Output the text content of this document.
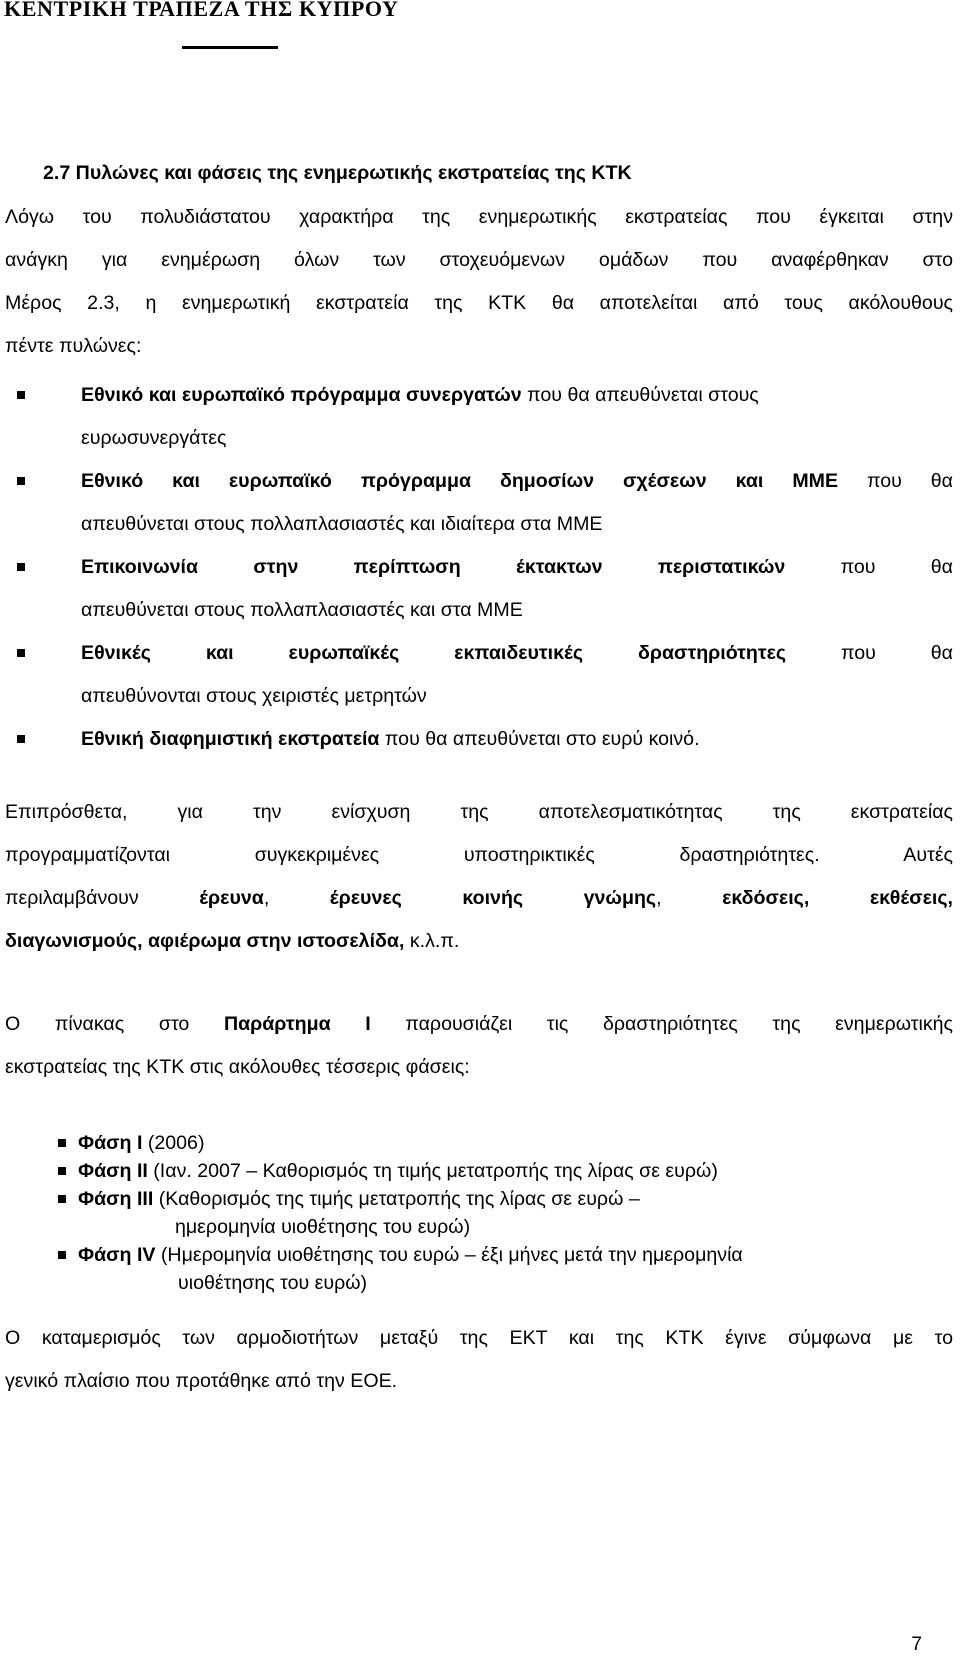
ΚΕΝΤΡΙΚΗ ΤΡΑΠΕΖΑ ΤΗΣ ΚΥΠΡΟΥ
2.7 Πυλώνες και φάσεις της ενημερωτικής εκστρατείας της ΚΤΚ
Λόγω του πολυδιάστατου χαρακτήρα της ενημερωτικής εκστρατείας που έγκειται στην
ανάγκη για ενημέρωση όλων των στοχευόμενων ομάδων που αναφέρθηκαν στο
Μέρος 2.3, η ενημερωτική εκστρατεία της ΚΤΚ θα αποτελείται από τους ακόλουθους
πέντε πυλώνες:
Εθνικό και ευρωπαϊκό πρόγραμμα συνεργατών που θα απευθύνεται στους
ευρωσυνεργάτες
Εθνικό και ευρωπαϊκό πρόγραμμα δημοσίων σχέσεων και ΜΜΕ που θα
απευθύνεται στους πολλαπλασιαστές και ιδιαίτερα στα ΜΜΕ
Επικοινωνία στην περίπτωση έκτακτων περιστατικών που θα
απευθύνεται στους πολλαπλασιαστές και στα ΜΜΕ
Εθνικές και ευρωπαϊκές εκπαιδευτικές δραστηριότητες που θα
απευθύνονται στους χειριστές μετρητών
Εθνική διαφημιστική εκστρατεία που θα απευθύνεται στο ευρύ κοινό.
Επιπρόσθετα, για την ενίσχυση της αποτελεσματικότητας της εκστρατείας
προγραμματίζονται συγκεκριμένες υποστηρικτικές δραστηριότητες. Αυτές
περιλαμβάνουν έρευνα, έρευνες κοινής γνώμης, εκδόσεις, εκθέσεις,
διαγωνισμούς, αφιέρωμα στην ιστοσελίδα, κ.λ.π.
Ο πίνακας στο Παράρτημα Ι παρουσιάζει τις δραστηριότητες της ενημερωτικής
εκστρατείας της ΚΤΚ στις ακόλουθες τέσσερις φάσεις:
Φάση Ι (2006)
Φάση ΙΙ (Ιαν. 2007 – Καθορισμός τη τιμής μετατροπής της λίρας σε ευρώ)
Φάση ΙΙΙ (Καθορισμός της τιμής μετατροπής της λίρας σε ευρώ –
ημερομηνία υιοθέτησης του ευρώ)
Φάση ΙV (Ημερομηνία υιοθέτησης του ευρώ – έξι μήνες μετά την ημερομηνία
υιοθέτησης του ευρώ)
Ο καταμερισμός των αρμοδιοτήτων μεταξύ της ΕΚΤ και της ΚΤΚ έγινε σύμφωνα με το
γενικό πλαίσιο που προτάθηκε από την ΕΟΕ.
7
